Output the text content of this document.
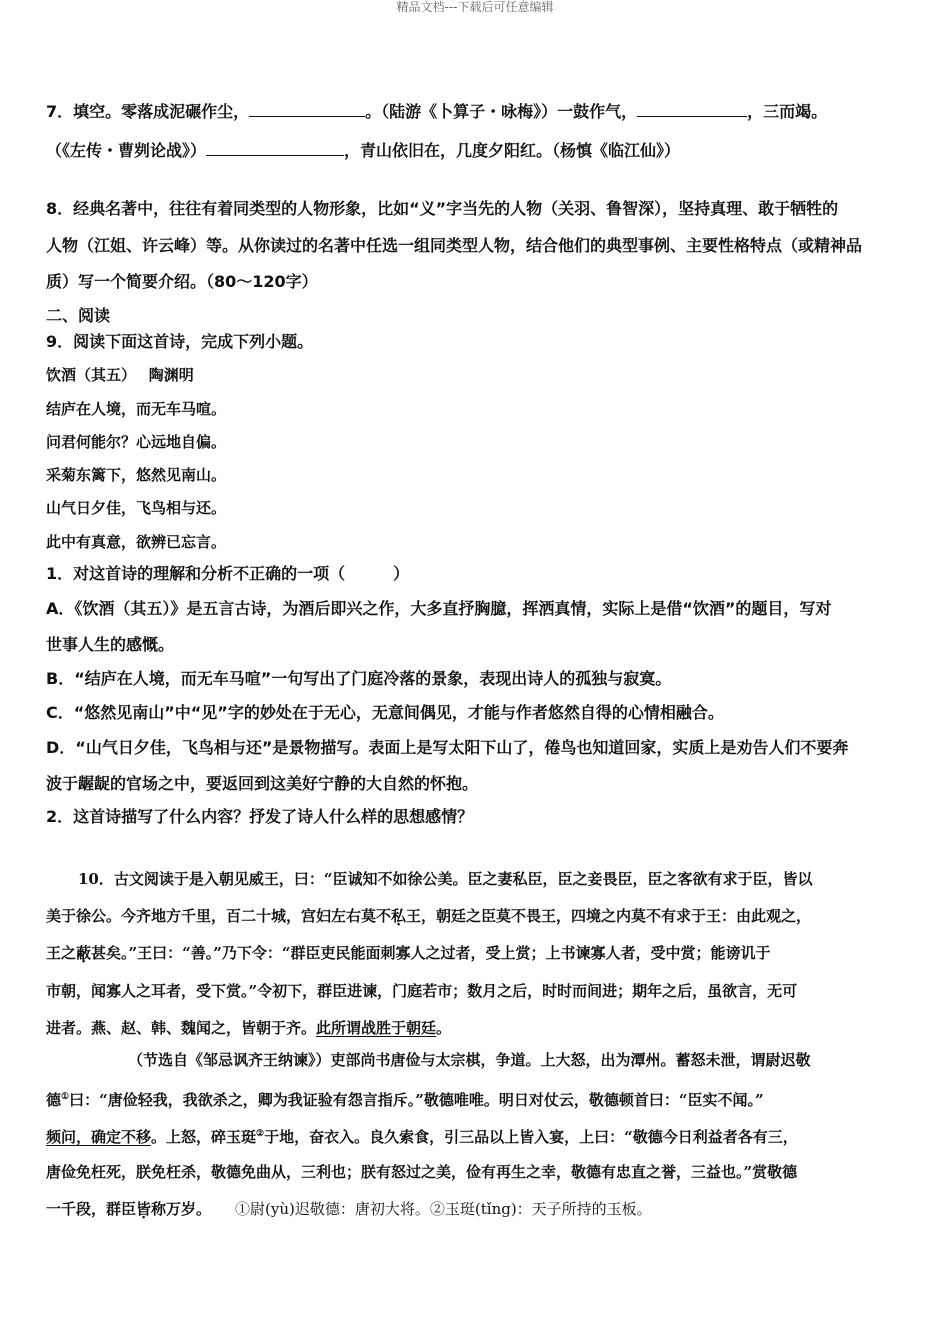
精品文档---下载后可任意编辑
7．填空。零落成泥碾作尘，	。（陆游《卜算子・咏梅》）一鼓作气，	，三而竭。
（《左传・曹刿论战》）	，青山依旧在，几度夕阳红。（杨慎《临江仙》）
8．经典名著中，往往有着同类型的人物形象，比如“义”字当先的人物（关羽、鲁智深），坚持真理、敢于牺牲的
人物（江姐、许云峰）等。从你读过的名著中任选一组同类型人物，结合他们的典型事例、主要性格特点（或精神品
质）写一个简要介绍。（80～120字）
二、阅读
9．阅读下面这首诗，完成下列小题。
饮酒（其五）　 陶渊明
结庐在人境，而无车马喧。
问君何能尔？心远地自偏。
采菊东篱下，悠然见南山。
山气日夕佳，飞鸟相与还。
此中有真意，欲辨已忘言。
1．对这首诗的理解和分析不正确的一项（　　　）
A．《饮酒（其五）》是五言古诗，为酒后即兴之作，大多直抒胸臆，挥洒真情，实际上是借“饮酒”的题目，写对
世事人生的感慨。
B．“结庐在人境，而无车马喧”一句写出了门庭冷落的景象，表现出诗人的孤独与寂寞。
C．“悠然见南山”中“见”字的妙处在于无心，无意间偶见，才能与作者悠然自得的心情相融合。
D．“山气日夕佳，飞鸟相与还”是景物描写。表面上是写太阳下山了，倦鸟也知道回家，实质上是劝告人们不要奔
波于龌龊的官场之中，要返回到这美好宁静的大自然的怀抱。
2．这首诗描写了什么内容？抒发了诗人什么样的思想感情？
10．古文阅读于是入朝见威王，曰：“臣诚知不如徐公美。臣之妻私臣，臣之妾畏臣，臣之客欲有求于臣，皆以
美于徐公。今齐地方千里，百二十城，宫妇左右莫不私王，朝廷之臣莫不畏王，四境之内莫不有求于王：由此观之，
王之蔽甚矣。”王曰：“善。”乃下令：“群臣吏民能面刺寡人之过者，受上赏；上书谏寡人者，受中赏；能谤讥于
市朝，闻寡人之耳者，受下赏。”令初下，群臣进谏，门庭若市；数月之后，时时而间进；期年之后，虽欲言，无可
进者。燕、赵、韩、魏闻之，皆朝于齐。此所谓战胜于朝廷。
（节选自《邹忌讽齐王纳谏》）吏部尚书唐俭与太宗棋，争道。上大怒，出为潭州。蓄怒未泄，谓尉迟敬
德①曰：“唐俭轻我，我欲杀之，卿为我证验有怨言指斥。”敬德唯唯。明日对仗云，敬德顿首曰：“臣实不闻。”
频问，确定不移。上怒，碎玉珽②于地，奋衣入。良久索食，引三品以上皆入宴，上曰：“敬德今日利益者各有三，
唐俭免枉死，朕免枉杀，敬德免曲从，三利也；朕有怒过之美，俭有再生之幸，敬德有忠直之誉，三益也。”赏敬德
一千段，群臣皆称万岁。 ①尉(yù)迟敬德：唐初大将。②玉珽(tǐng)：天子所持的玉板。
